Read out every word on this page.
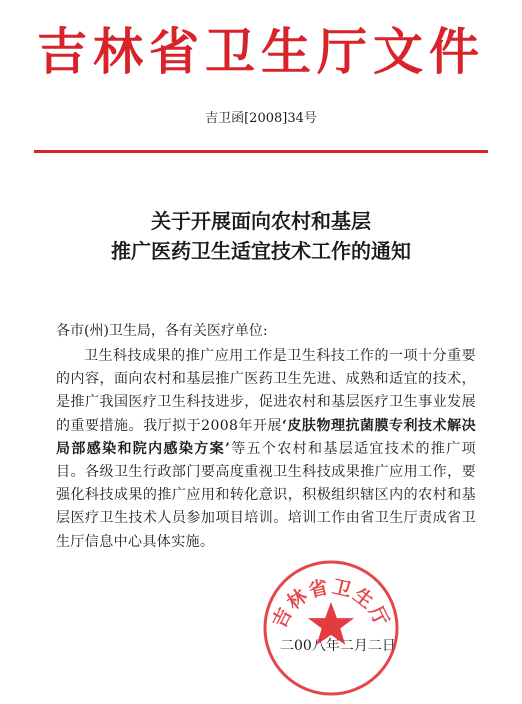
吉林省卫生厅文件
吉卫函[2008]34号
关于开展面向农村和基层
推广医药卫生适宜技术工作的通知
各市(州)卫生局，各有关医疗单位:
卫生科技成果的推广应用工作是卫生科技工作的一项十分重要的内容，面向农村和基层推广医药卫生先进、成熟和适宜的技术，是推广我国医疗卫生科技进步，促进农村和基层医疗卫生事业发展的重要措施。我厅拟于2008年开展‘皮肤物理抗菌膜专利技术解决局部感染和院内感染方案’等五个农村和基层适宜技术的推广项目。各级卫生行政部门要高度重视卫生科技成果推广应用工作，要强化科技成果的推广应用和转化意识，积极组织辖区内的农村和基层医疗卫生技术人员参加项目培训。培训工作由省卫生厅责成省卫生厅信息中心具体实施。
二00八年二月二日
吉林省卫生厅
